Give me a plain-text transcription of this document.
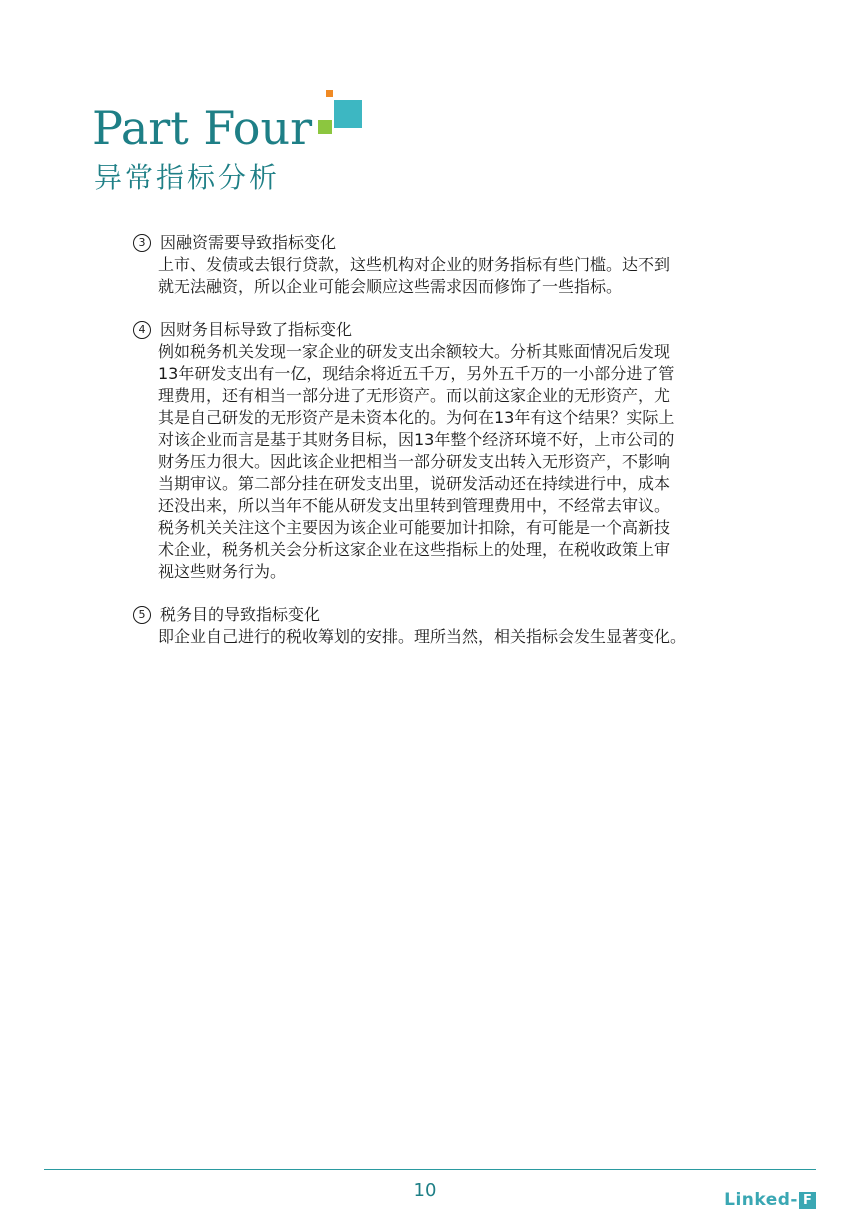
Part Four
异常指标分析
3 因融资需要导致指标变化

上市、发债或去银行贷款，这些机构对企业的财务指标有些门槛。达不到

就无法融资，所以企业可能会顺应这些需求因而修饰了一些指标。

4 因财务目标导致了指标变化

例如税务机关发现一家企业的研发支出余额较大。分析其账面情况后发现

13年研发支出有一亿，现结余将近五千万，另外五千万的一小部分进了管

理费用，还有相当一部分进了无形资产。而以前这家企业的无形资产，尤

其是自己研发的无形资产是未资本化的。为何在13年有这个结果？实际上

对该企业而言是基于其财务目标，因13年整个经济环境不好，上市公司的

财务压力很大。因此该企业把相当一部分研发支出转入无形资产，不影响

当期审议。第二部分挂在研发支出里，说研发活动还在持续进行中，成本

还没出来，所以当年不能从研发支出里转到管理费用中，不经常去审议。

税务机关关注这个主要因为该企业可能要加计扣除，有可能是一个高新技

术企业，税务机关会分析这家企业在这些指标上的处理，在税收政策上审

视这些财务行为。

5 税务目的导致指标变化

即企业自己进行的税收筹划的安排。理所当然，相关指标会发生显著变化。

10	Linked- F
